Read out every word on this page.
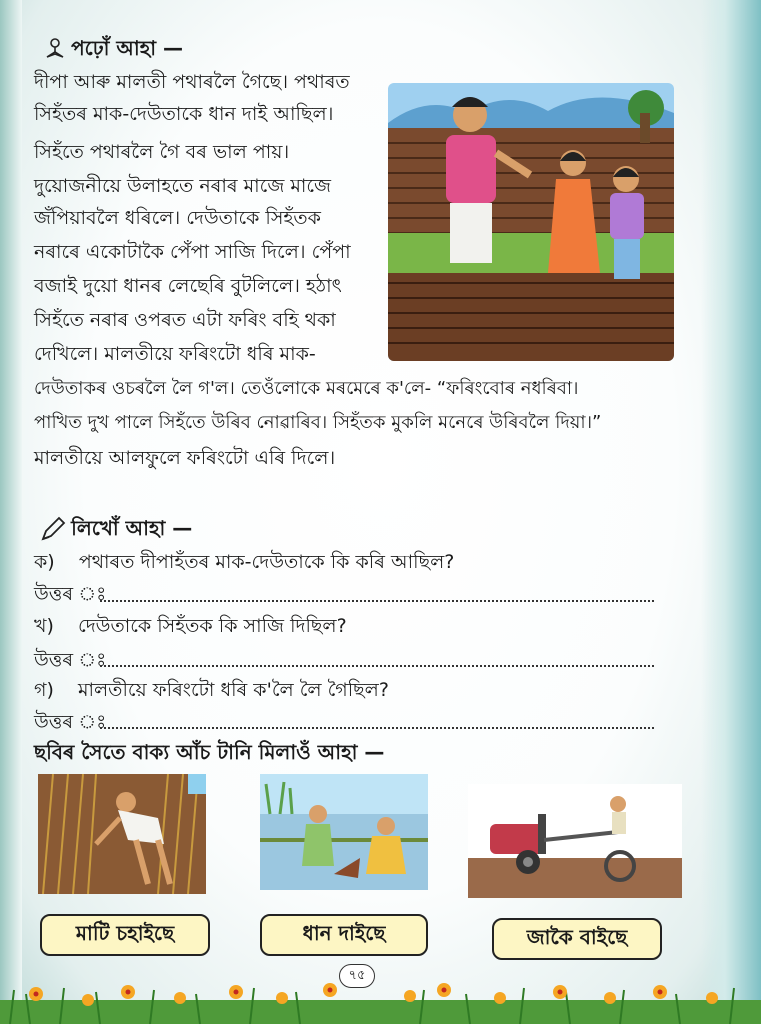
পঢ়োঁ আহা —
দীপা আৰু মালতী পথাৰলৈ গৈছে। পথাৰত
সিহঁতৰ মাক-দেউতাকে ধান দাই আছিল।
সিহঁতে পথাৰলৈ গৈ বৰ ভাল পায়।
দুয়োজনীয়ে উলাহতে নৰাৰ মাজে মাজে
জঁপিয়াবলৈ ধৰিলে। দেউতাকে সিহঁতক
নৰাৰে একোটাকৈ পেঁপা সাজি দিলে। পেঁপা
বজাই দুয়ো ধানৰ লেছেৰি বুটলিলে। হঠাৎ
সিহঁতে নৰাৰ ওপৰত এটা ফৰিং বহি থকা
দেখিলে। মালতীয়ে ফৰিংটো ধৰি মাক-
দেউতাকৰ ওচৰলৈ লৈ গ'ল। তেওঁলোকে মৰমেৰে ক'লে- “ফৰিংবোৰ নধৰিবা।
পাখিত দুখ পালে সিহঁতে উৰিব নোৱাৰিব। সিহঁতক মুকলি মনেৰে উৰিবলৈ দিয়া।”
মালতীয়ে আলফুলে ফৰিংটো এৰি দিলে।
লিখোঁ আহা —
ক) পথাৰত দীপাহঁতৰ মাক-দেউতাকে কি কৰি আছিল?
উত্তৰ ঃ
খ) দেউতাকে সিহঁতক কি সাজি দিছিল?
উত্তৰ ঃ
গ) মালতীয়ে ফৰিংটো ধৰি ক'লৈ লৈ গৈছিল?
উত্তৰ ঃ
ছবিৰ সৈতে বাক্য আঁচ টানি মিলাওঁ আহা —
মাটি চহাইছে	ধান দাইছে	জাকৈ বাইছে
৭৫
